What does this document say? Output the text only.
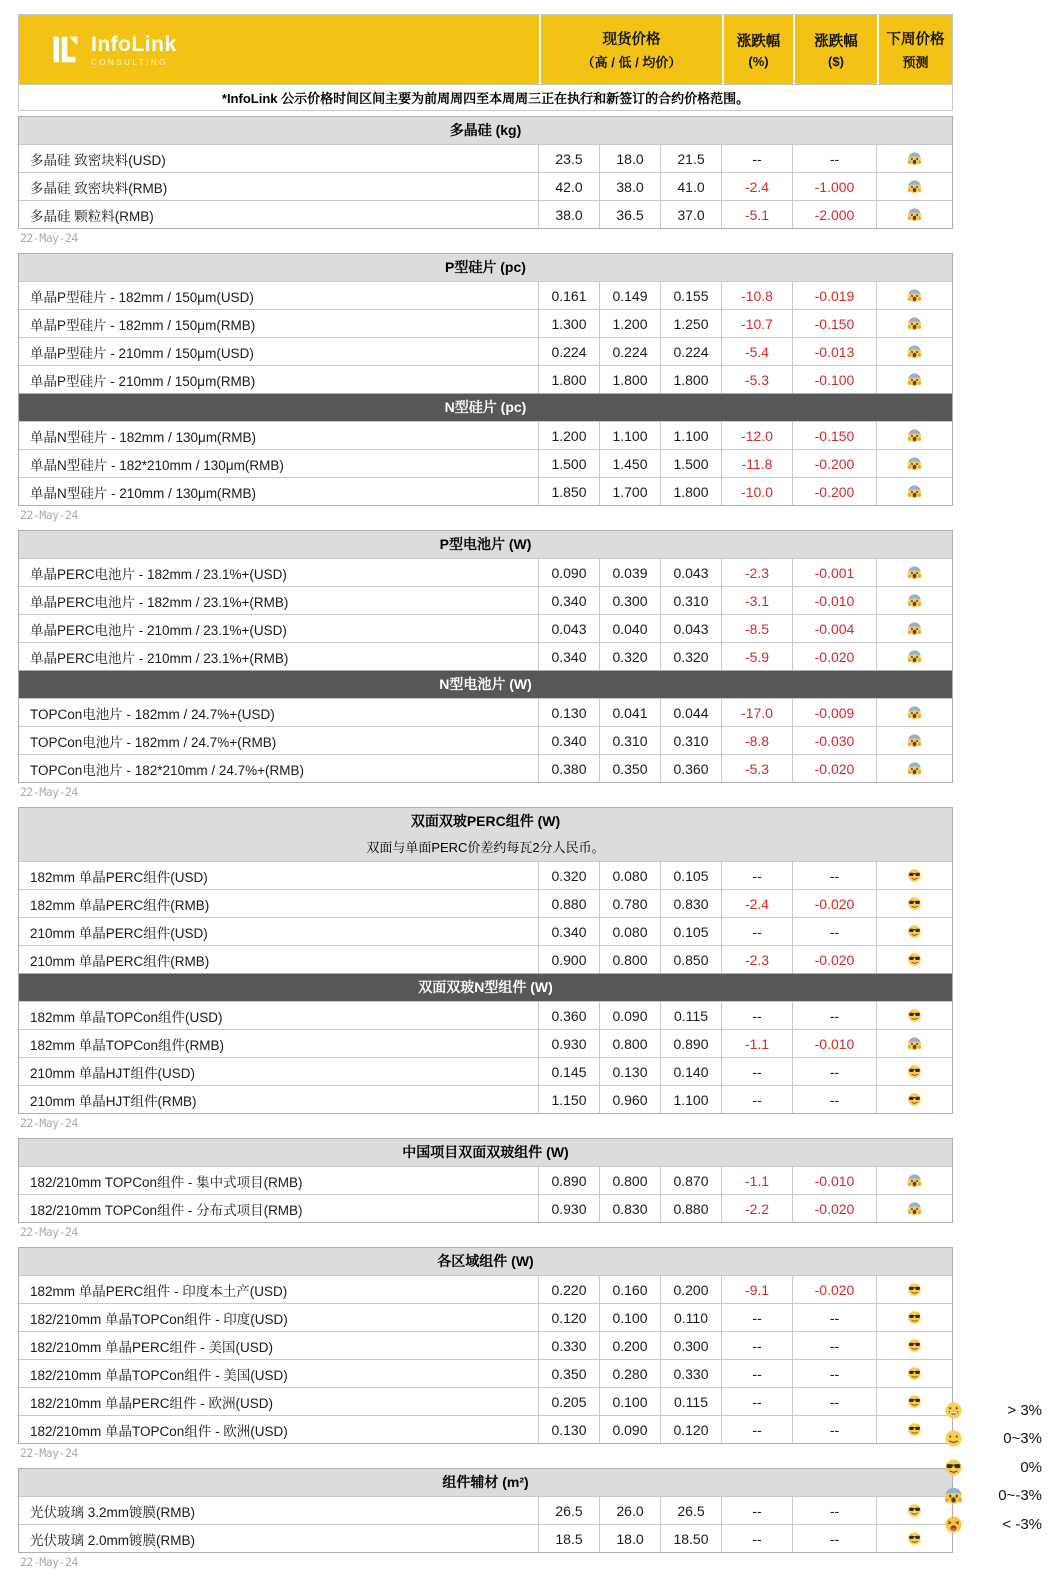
InfoLink
CONSULTING
现货价格
（高 / 低 / 均价）
涨跌幅
(%)
涨跌幅
($)
下周价格
预测
*InfoLink 公示价格时间区间主要为前周周四至本周周三正在执行和新签订的合约价格范围。
多晶硅 (kg)
多晶硅 致密块料(USD)	23.5	18.0	21.5	--	--
多晶硅 致密块料(RMB)	42.0	38.0	41.0	-2.4	-1.000
多晶硅 颗粒料(RMB)	38.0	36.5	37.0	-5.1	-2.000
22-May-24
P型硅片 (pc)
单晶P型硅片 - 182mm / 150μm(USD)	0.161	0.149	0.155	-10.8	-0.019
单晶P型硅片 - 182mm / 150μm(RMB)	1.300	1.200	1.250	-10.7	-0.150
单晶P型硅片 - 210mm / 150μm(USD)	0.224	0.224	0.224	-5.4	-0.013
单晶P型硅片 - 210mm / 150μm(RMB)	1.800	1.800	1.800	-5.3	-0.100
N型硅片 (pc)
单晶N型硅片 - 182mm / 130μm(RMB)	1.200	1.100	1.100	-12.0	-0.150
单晶N型硅片 - 182*210mm / 130μm(RMB)	1.500	1.450	1.500	-11.8	-0.200
单晶N型硅片 - 210mm / 130μm(RMB)	1.850	1.700	1.800	-10.0	-0.200
22-May-24
P型电池片 (W)
单晶PERC电池片 - 182mm / 23.1%+(USD)	0.090	0.039	0.043	-2.3	-0.001
单晶PERC电池片 - 182mm / 23.1%+(RMB)	0.340	0.300	0.310	-3.1	-0.010
单晶PERC电池片 - 210mm / 23.1%+(USD)	0.043	0.040	0.043	-8.5	-0.004
单晶PERC电池片 - 210mm / 23.1%+(RMB)	0.340	0.320	0.320	-5.9	-0.020
N型电池片 (W)
TOPCon电池片 - 182mm / 24.7%+(USD)	0.130	0.041	0.044	-17.0	-0.009
TOPCon电池片 - 182mm / 24.7%+(RMB)	0.340	0.310	0.310	-8.8	-0.030
TOPCon电池片 - 182*210mm / 24.7%+(RMB)	0.380	0.350	0.360	-5.3	-0.020
22-May-24
双面双玻PERC组件 (W)
双面与单面PERC价差约每瓦2分人民币。
182mm 单晶PERC组件(USD)	0.320	0.080	0.105	--	--
182mm 单晶PERC组件(RMB)	0.880	0.780	0.830	-2.4	-0.020
210mm 单晶PERC组件(USD)	0.340	0.080	0.105	--	--
210mm 单晶PERC组件(RMB)	0.900	0.800	0.850	-2.3	-0.020
双面双玻N型组件 (W)
182mm 单晶TOPCon组件(USD)	0.360	0.090	0.115	--	--
182mm 单晶TOPCon组件(RMB)	0.930	0.800	0.890	-1.1	-0.010
210mm 单晶HJT组件(USD)	0.145	0.130	0.140	--	--
210mm 单晶HJT组件(RMB)	1.150	0.960	1.100	--	--
22-May-24
中国项目双面双玻组件 (W)
182/210mm TOPCon组件 - 集中式项目(RMB)	0.890	0.800	0.870	-1.1	-0.010
182/210mm TOPCon组件 - 分布式项目(RMB)	0.930	0.830	0.880	-2.2	-0.020
22-May-24
各区域组件 (W)
182mm 单晶PERC组件 - 印度本土产(USD)	0.220	0.160	0.200	-9.1	-0.020
182/210mm 单晶TOPCon组件 - 印度(USD)	0.120	0.100	0.110	--	--
182/210mm 单晶PERC组件 - 美国(USD)	0.330	0.200	0.300	--	--
182/210mm 单晶TOPCon组件 - 美国(USD)	0.350	0.280	0.330	--	--
182/210mm 单晶PERC组件 - 欧洲(USD)	0.205	0.100	0.115	--	--
182/210mm 单晶TOPCon组件 - 欧洲(USD)	0.130	0.090	0.120	--	--
22-May-24
组件辅材 (m²)
光伏玻璃 3.2mm镀膜(RMB)	26.5	26.0	26.5	--	--
光伏玻璃 2.0mm镀膜(RMB)	18.5	18.0	18.50	--	--
22-May-24
> 3%
0~3%
0%
0~-3%
< -3%
